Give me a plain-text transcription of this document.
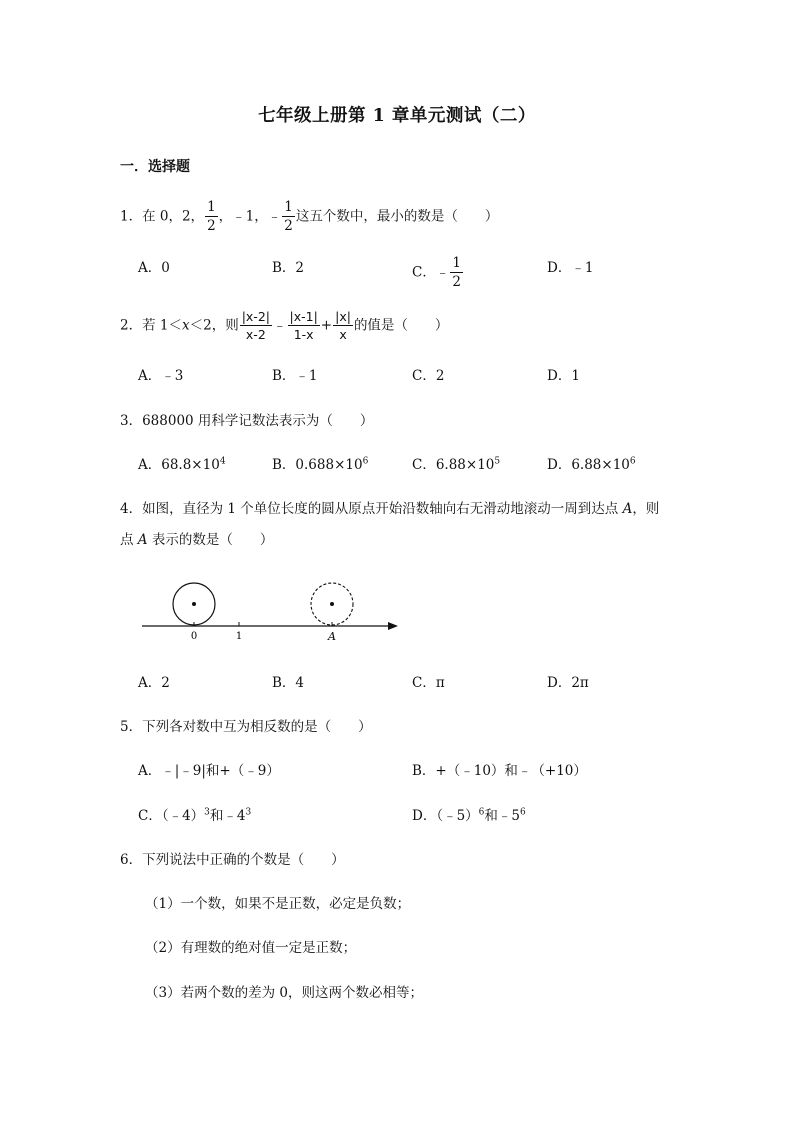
七年级上册第 1 章单元测试（二）
一．选择题
1．在 0，2， $\frac{1}{2}$ ，﹣1，﹣ $\frac{1}{2}$ 这五个数中，最小的数是（　　）
A．0	B．2	C．﹣ $\frac{1}{2}$	D．﹣1
2．若 1＜x＜2，则 $\frac{|x-2|}{x-2}$ ﹣ $\frac{|x-1|}{1-x} + \frac{|x|}{x}$ 的值是（　　）
A．﹣3	B．﹣1	C．2	D．1
3．688000 用科学记数法表示为（　　）
A．$68.8\times 10^4$	B．$0.688\times 10^6$	C．$6.88\times 10^5$	D．$6.88\times 10^6$
4．如图，直径为 1 个单位长度的圆从原点开始沿数轴向右无滑动地滚动一周到达点 A，则
点 A 表示的数是（　　）
0	1	A
A．2	B．4	C．π	D．2π
5．下列各对数中互为相反数的是（　　）
A．﹣|﹣9|和+（﹣9）	B．+（﹣10）和﹣（+10）
C．（﹣4）$^3$和$﹣4^3$	D．（﹣5）$^6$和$﹣5^6$
6．下列说法中正确的个数是（　　）
（1）一个数，如果不是正数，必定是负数；
（2）有理数的绝对值一定是正数；
（3）若两个数的差为 0，则这两个数必相等；
